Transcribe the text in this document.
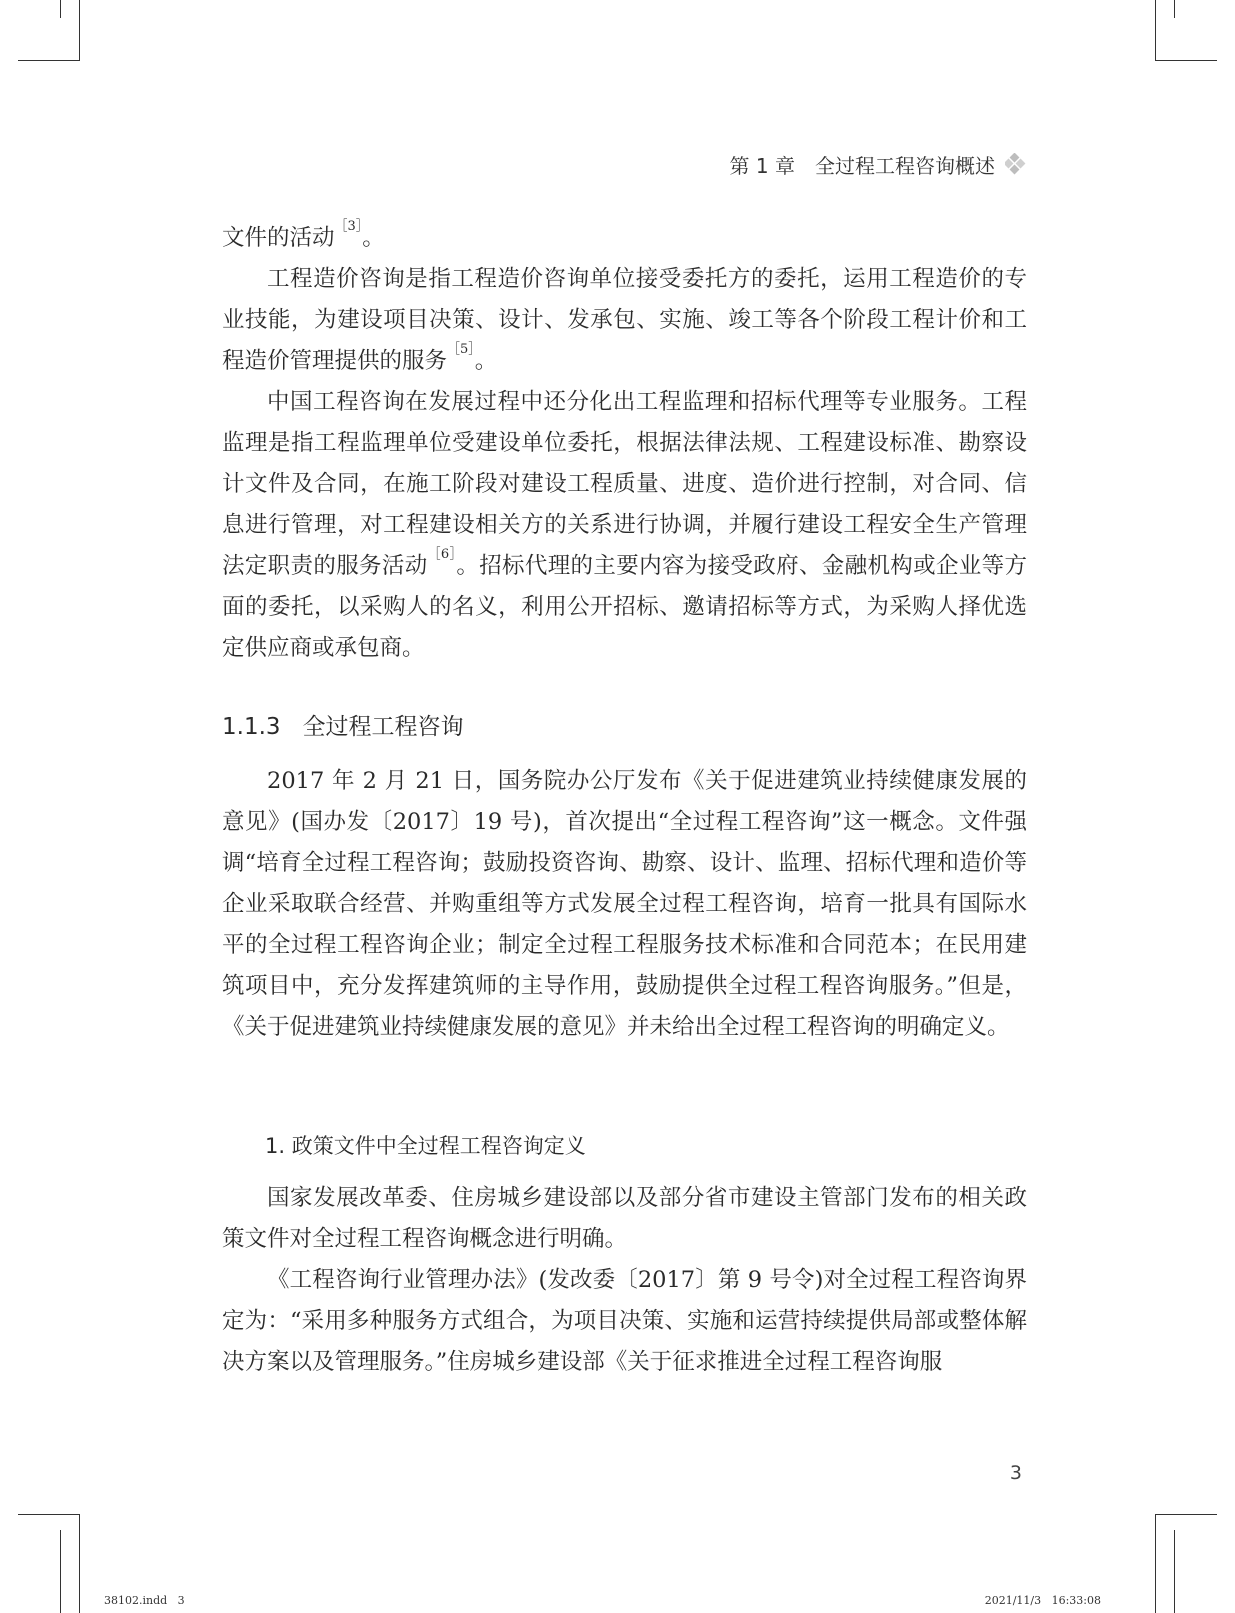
第 1 章 全过程工程咨询概述

文件的活动$^{[3]}$。

工程造价咨询是指工程造价咨询单位接受委托方的委托，运用工程造价的专业技能，为建设项目决策、设计、发承包、实施、竣工等各个阶段工程计价和工程造价管理提供的服务$^{[5]}$。

中国工程咨询在发展过程中还分化出工程监理和招标代理等专业服务。工程监理是指工程监理单位受建设单位委托，根据法律法规、工程建设标准、勘察设计文件及合同，在施工阶段对建设工程质量、进度、造价进行控制，对合同、信息进行管理，对工程建设相关方的关系进行协调，并履行建设工程安全生产管理法定职责的服务活动$^{[6]}$。招标代理的主要内容为接受政府、金融机构或企业等方面的委托，以采购人的名义，利用公开招标、邀请招标等方式，为采购人择优选定供应商或承包商。

1.1.3 全过程工程咨询

2017 年 2 月 21 日，国务院办公厅发布《关于促进建筑业持续健康发展的意见》(国办发〔2017〕19 号)，首次提出“全过程工程咨询”这一概念。文件强调“培育全过程工程咨询；鼓励投资咨询、勘察、设计、监理、招标代理和造价等企业采取联合经营、并购重组等方式发展全过程工程咨询，培育一批具有国际水平的全过程工程咨询企业；制定全过程工程服务技术标准和合同范本；在民用建筑项目中，充分发挥建筑师的主导作用，鼓励提供全过程工程咨询服务。”但是，《关于促进建筑业持续健康发展的意见》并未给出全过程工程咨询的明确定义。

1. 政策文件中全过程工程咨询定义

国家发展改革委、住房城乡建设部以及部分省市建设主管部门发布的相关政策文件对全过程工程咨询概念进行明确。

《工程咨询行业管理办法》(发改委〔2017〕第 9 号令)对全过程工程咨询界定为：“采用多种服务方式组合，为项目决策、实施和运营持续提供局部或整体解决方案以及管理服务。”住房城乡建设部《关于征求推进全过程工程咨询服

3
38102.indd   3	2021/11/3   16:33:08
